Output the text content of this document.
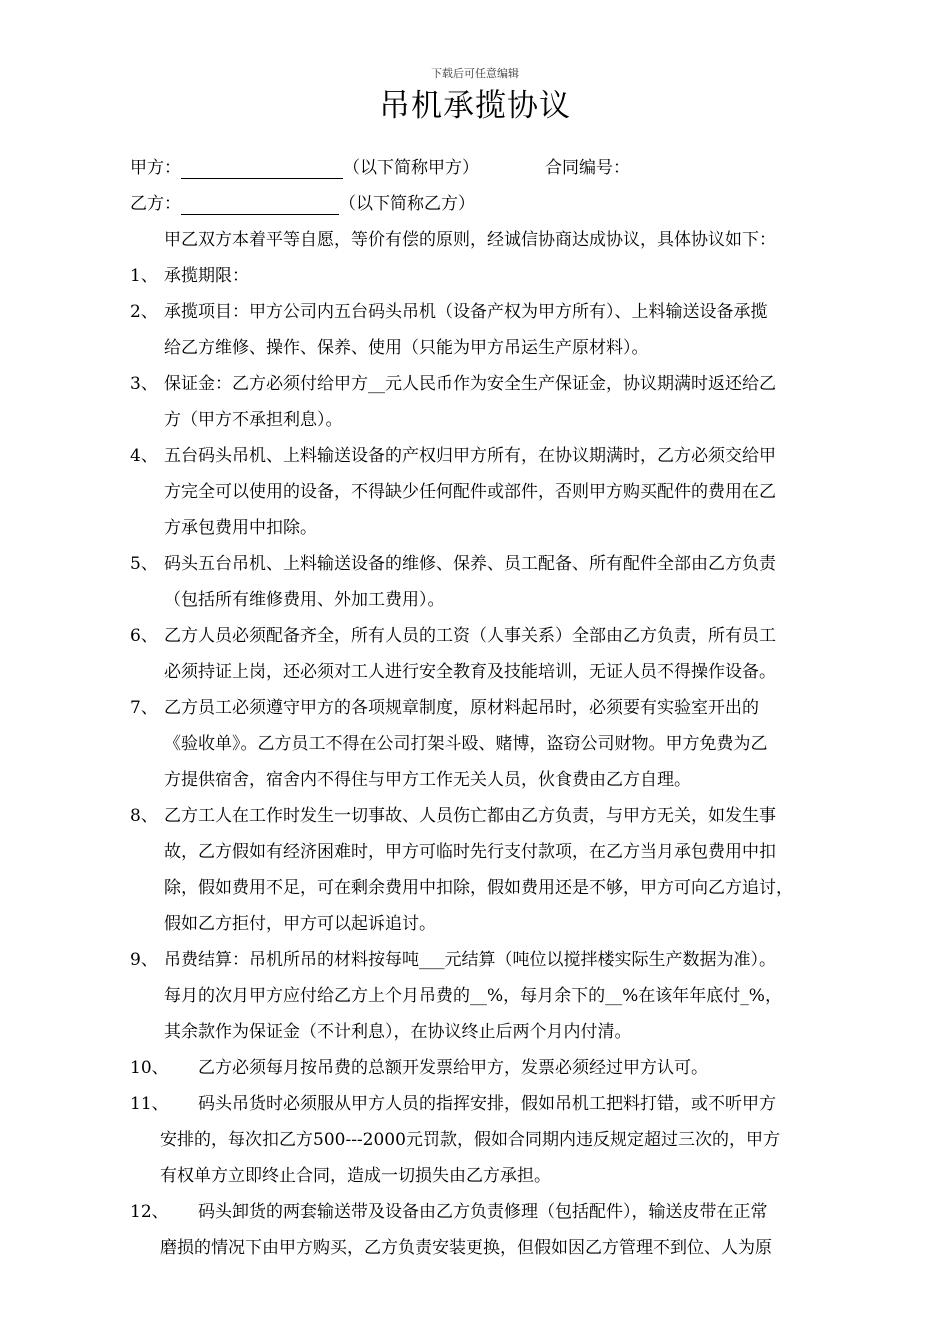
下载后可任意编辑
吊机承揽协议
甲方：	（以下简称甲方）	合同编号：
乙方：	（以下简称乙方）
甲乙双方本着平等自愿，等价有偿的原则，经诚信协商达成协议，具体协议如下：
1、 承揽期限：
2、 承揽项目：甲方公司内五台码头吊机（设备产权为甲方所有）、上料输送设备承揽
给乙方维修、操作、保养、使用（只能为甲方吊运生产原材料）。
3、 保证金：乙方必须付给甲方__元人民币作为安全生产保证金，协议期满时返还给乙
方（甲方不承担利息）。
4、 五台码头吊机、上料输送设备的产权归甲方所有，在协议期满时，乙方必须交给甲
方完全可以使用的设备，不得缺少任何配件或部件，否则甲方购买配件的费用在乙
方承包费用中扣除。
5、 码头五台吊机、上料输送设备的维修、保养、员工配备、所有配件全部由乙方负责
（包括所有维修费用、外加工费用）。
6、 乙方人员必须配备齐全，所有人员的工资（人事关系）全部由乙方负责，所有员工
必须持证上岗，还必须对工人进行安全教育及技能培训，无证人员不得操作设备。
7、 乙方员工必须遵守甲方的各项规章制度，原材料起吊时，必须要有实验室开出的
《验收单》。乙方员工不得在公司打架斗殴、赌博，盗窃公司财物。甲方免费为乙
方提供宿舍，宿舍内不得住与甲方工作无关人员，伙食费由乙方自理。
8、 乙方工人在工作时发生一切事故、人员伤亡都由乙方负责，与甲方无关，如发生事
故，乙方假如有经济困难时，甲方可临时先行支付款项，在乙方当月承包费用中扣
除，假如费用不足，可在剩余费用中扣除，假如费用还是不够，甲方可向乙方追讨，
假如乙方拒付，甲方可以起诉追讨。
9、 吊费结算：吊机所吊的材料按每吨___元结算（吨位以搅拌楼实际生产数据为准）。
每月的次月甲方应付给乙方上个月吊费的__%，每月余下的__%在该年年底付_%，
其余款作为保证金（不计利息），在协议终止后两个月内付清。
10、 乙方必须每月按吊费的总额开发票给甲方，发票必须经过甲方认可。
11、 码头吊货时必须服从甲方人员的指挥安排，假如吊机工把料打错，或不听甲方
安排的，每次扣乙方500---2000元罚款，假如合同期内违反规定超过三次的，甲方
有权单方立即终止合同，造成一切损失由乙方承担。
12、 码头卸货的两套输送带及设备由乙方负责修理（包括配件），输送皮带在正常
磨损的情况下由甲方购买，乙方负责安装更换，但假如因乙方管理不到位、人为原
